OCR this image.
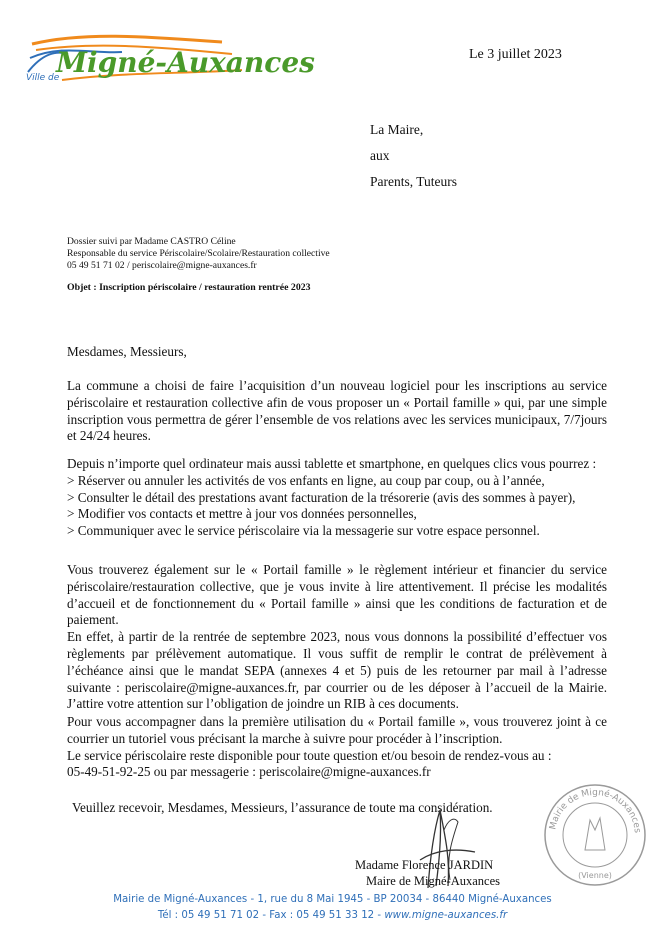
Ville de
Migné-Auxances	Le 3 juillet 2023
La Maire,
aux
Parents, Tuteurs
Dossier suivi par Madame CASTRO Céline
Responsable du service Périscolaire/Scolaire/Restauration collective
05 49 51 71 02 / periscolaire@migne-auxances.fr
Objet : Inscription périscolaire / restauration rentrée 2023

Mesdames, Messieurs,

La commune a choisi de faire l’acquisition d’un nouveau logiciel pour les inscriptions au service périscolaire et restauration collective afin de vous proposer un « Portail famille » qui, par une simple inscription vous permettra de gérer l’ensemble de vos relations avec les services municipaux, 7/7jours et 24/24 heures.

Depuis n’importe quel ordinateur mais aussi tablette et smartphone, en quelques clics vous pourrez :

> Réserver ou annuler les activités de vos enfants en ligne, au coup par coup, ou à l’année,

> Consulter le détail des prestations avant facturation de la trésorerie (avis des sommes à payer),

> Modifier vos contacts et mettre à jour vos données personnelles,

> Communiquer avec le service périscolaire via la messagerie sur votre espace personnel.

Vous trouverez également sur le « Portail famille » le règlement intérieur et financier du service périscolaire/restauration collective, que je vous invite à lire attentivement. Il précise les modalités d’accueil et de fonctionnement du « Portail famille » ainsi que les conditions de facturation et de paiement.

En effet, à partir de la rentrée de septembre 2023, nous vous donnons la possibilité d’effectuer vos règlements par prélèvement automatique. Il vous suffit de remplir le contrat de prélèvement à l’échéance ainsi que le mandat SEPA (annexes 4 et 5) puis de les retourner par mail à l’adresse suivante : periscolaire@migne-auxances.fr, par courrier ou de les déposer à l’accueil de la Mairie. J’attire votre attention sur l’obligation de joindre un RIB à ces documents.

Pour vous accompagner dans la première utilisation du « Portail famille », vous trouverez joint à ce courrier un tutoriel vous précisant la marche à suivre pour procéder à l’inscription.

Le service périscolaire reste disponible pour toute question et/ou besoin de rendez-vous au :

05-49-51-92-25 ou par messagerie : periscolaire@migne-auxances.fr

Veuillez recevoir, Mesdames, Messieurs, l’assurance de toute ma considération.

Madame Florence JARDIN
Maire de Migné-Auxances
Mairie de Migné-Auxances
(Vienne)
Mairie de Migné-Auxances - 1, rue du 8 Mai 1945 - BP 20034 - 86440 Migné-Auxances
Tél : 05 49 51 71 02 - Fax : 05 49 51 33 12 - www.migne-auxances.fr
